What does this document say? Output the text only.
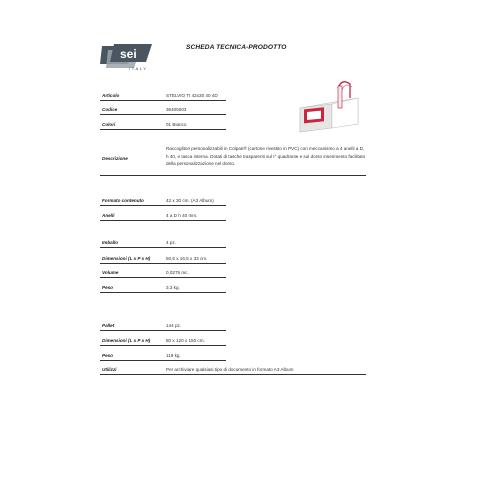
sei
ITALY
SCHEDA TECNICA-PRODOTTO
Articolo	STELVIO TI 42x30 40 4D
Codice	36405003
Colori	01 Bianco
Descrizione
Raccoglitori personalizzabili in Colpan® (cartone rivestito in PVC) con meccanismo a 4 anelli a D, h 40, e tasca interna. Dotati di tasche trasparenti sul I° quadrante e sul dorso inserimento facilitato della personalizzazione nel dorso.
Formato contenuto	42 x 30 cm. (A3 Album)
Anelli	4 a D h 40 mm.
Imballo	4 pz.
Dimensioni (L x P x H)	50,5 x 16,5 x 33 cm.
Volume	0,0275 mc.
Peso	3,3 kg.
Pallet	144 pz.
Dimensioni (L x P x H)	80 x 120 x 150 cm.
Peso	119 kg.
Utilizzi	Per archiviare qualsiasi tipo di documento in formato A3 Album
